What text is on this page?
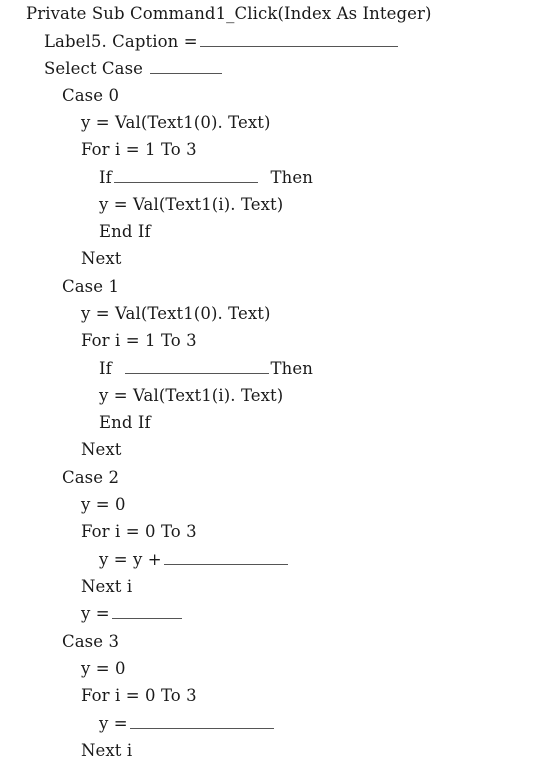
Private Sub Command1_Click(Index As Integer)
Label5. Caption =
Select Case
Case 0
y = Val(Text1(0). Text)
For i = 1 To 3
If	Then
y = Val(Text1(i). Text)
End If
Next
Case 1
y = Val(Text1(0). Text)
For i = 1 To 3
If	Then
y = Val(Text1(i). Text)
End If
Next
Case 2
y = 0
For i = 0 To 3
y = y +
Next i
y =
Case 3
y = 0
For i = 0 To 3
y =
Next i
